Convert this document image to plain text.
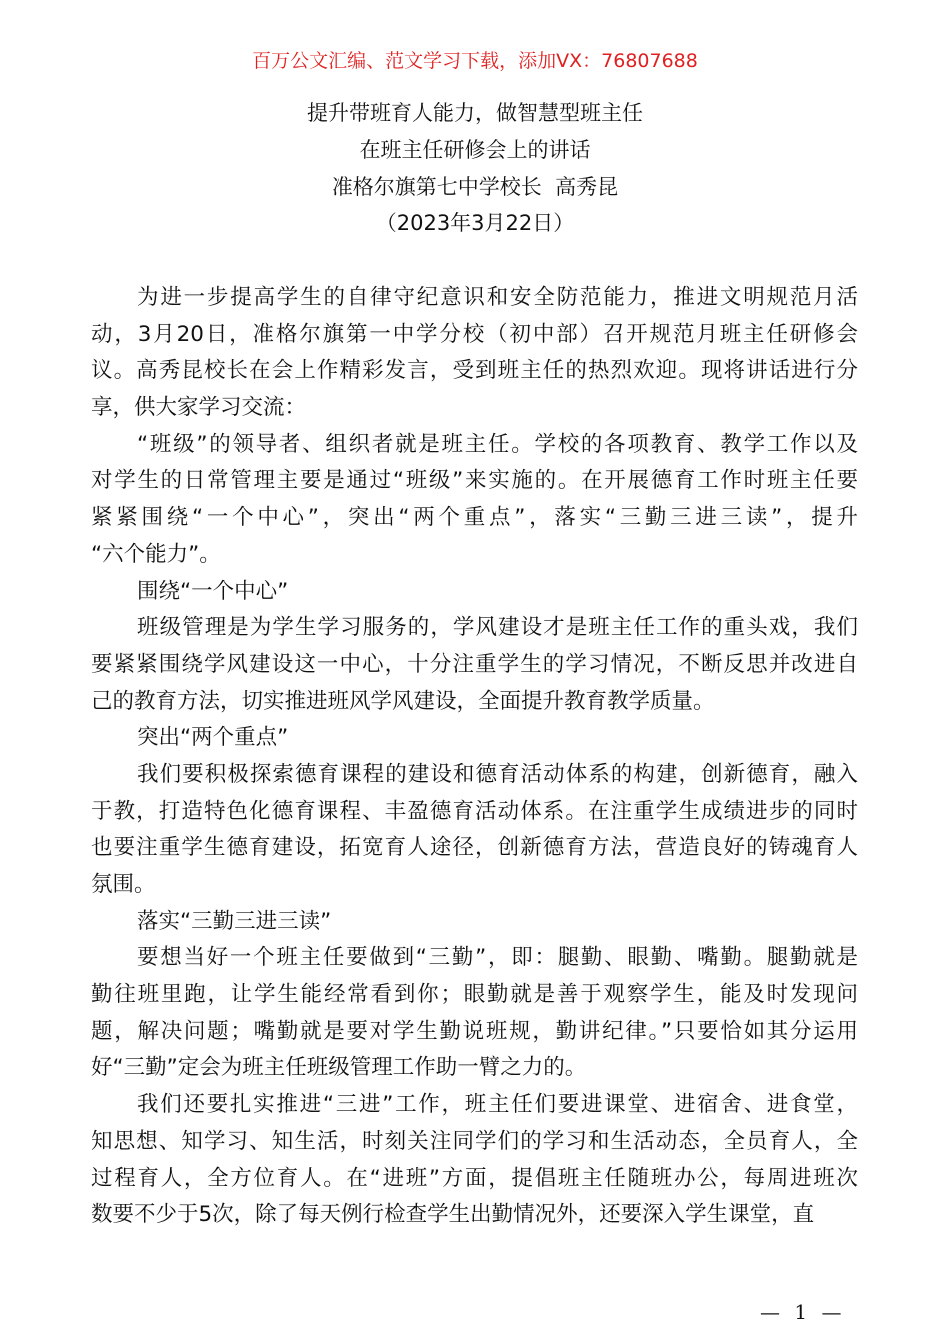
百万公文汇编、范文学习下载，添加VX：76807688
提升带班育人能力，做智慧型班主任
在班主任研修会上的讲话
准格尔旗第七中学校长  高秀昆
（2023年3月22日）
为进一步提高学生的自律守纪意识和安全防范能力，推进文明规范月活
动，3月20日，准格尔旗第一中学分校（初中部）召开规范月班主任研修会
议。高秀昆校长在会上作精彩发言，受到班主任的热烈欢迎。现将讲话进行分
享，供大家学习交流：
“班级”的领导者、组织者就是班主任。学校的各项教育、教学工作以及
对学生的日常管理主要是通过“班级”来实施的。在开展德育工作时班主任要
紧紧围绕“一个中心”，突出“两个重点”，落实“三勤三进三读”，提升
“六个能力”。
围绕“一个中心”
班级管理是为学生学习服务的，学风建设才是班主任工作的重头戏，我们
要紧紧围绕学风建设这一中心，十分注重学生的学习情况，不断反思并改进自
己的教育方法，切实推进班风学风建设，全面提升教育教学质量。
突出“两个重点”
我们要积极探索德育课程的建设和德育活动体系的构建，创新德育，融入
于教，打造特色化德育课程、丰盈德育活动体系。在注重学生成绩进步的同时
也要注重学生德育建设，拓宽育人途径，创新德育方法，营造良好的铸魂育人
氛围。
落实“三勤三进三读”
要想当好一个班主任要做到“三勤”，即：腿勤、眼勤、嘴勤。腿勤就是
勤往班里跑，让学生能经常看到你；眼勤就是善于观察学生，能及时发现问
题，解决问题；嘴勤就是要对学生勤说班规，勤讲纪律。”只要恰如其分运用
好“三勤”定会为班主任班级管理工作助一臂之力的。
我们还要扎实推进“三进”工作，班主任们要进课堂、进宿舍、进食堂，
知思想、知学习、知生活，时刻关注同学们的学习和生活动态，全员育人，全
过程育人，全方位育人。在“进班”方面，提倡班主任随班办公，每周进班次
数要不少于5次，除了每天例行检查学生出勤情况外，还要深入学生课堂，直
— 1 —
